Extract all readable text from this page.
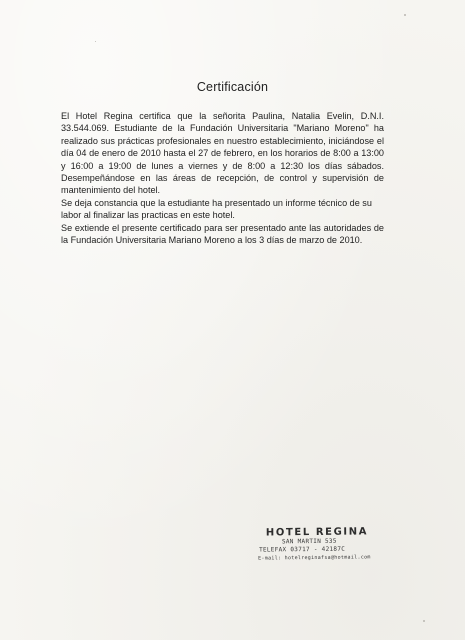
Certificación

El Hotel Regina certifica que la señorita Paulina, Natalia Evelin, D.N.I. 33.544.069. Estudiante de la Fundación Universitaria "Mariano Moreno" ha realizado sus prácticas profesionales en nuestro establecimiento, iniciándose el día 04 de enero de 2010 hasta el 27 de febrero, en los horarios de 8:00 a 13:00 y 16:00 a 19:00 de lunes a viernes y de 8:00 a 12:30 los días sábados. Desempeñándose en las áreas de recepción, de control y supervisión de mantenimiento del hotel.

Se deja constancia que la estudiante ha presentado un informe técnico de su labor al finalizar las practicas en este hotel.

Se extiende el presente certificado para ser presentado ante las autoridades de la Fundación Universitaria Mariano Moreno a los 3 días de marzo de 2010.

HOTEL REGINA
SAN MARTIN 535
TELEFAX 03717 - 42187C
E-mail: hotelreginafsa@hotmail.com
